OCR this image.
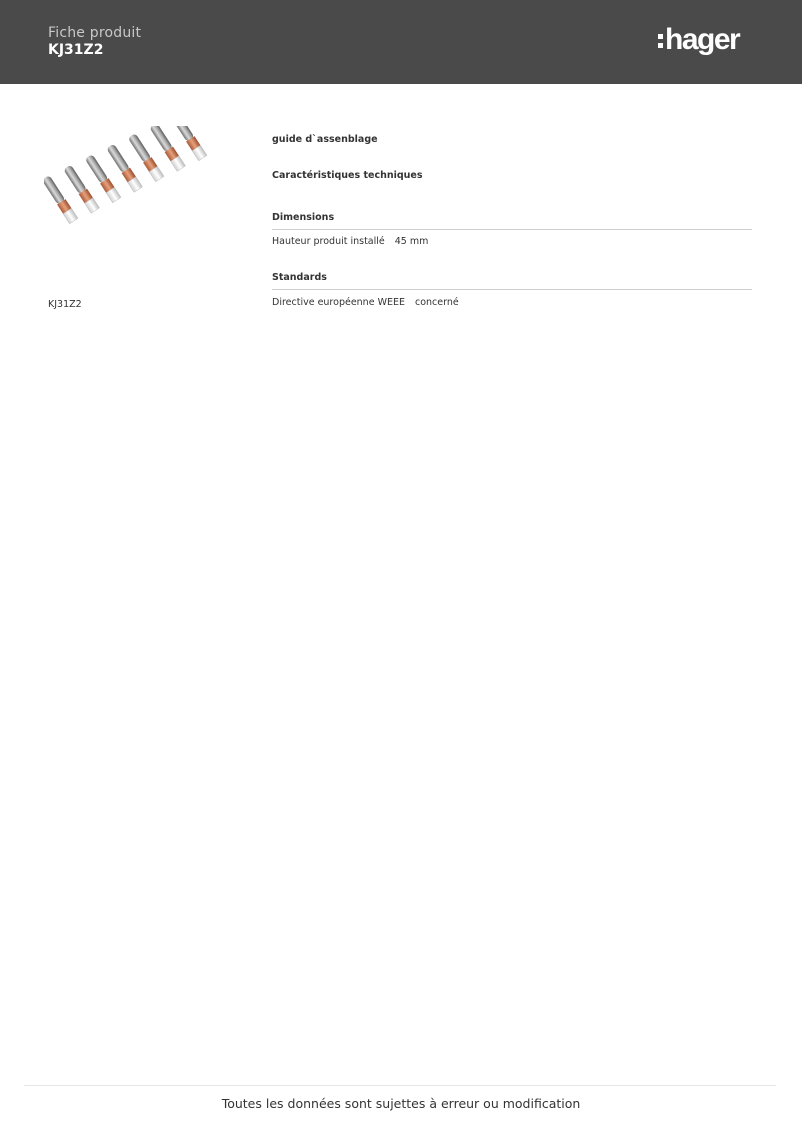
Fiche produit
KJ31Z2	hager
KJ31Z2
guide d`assenblage
Caractéristiques techniques
Dimensions
Hauteur produit installé 45 mm
Standards
Directive européenne WEEE concerné
Toutes les données sont sujettes à erreur ou modification
